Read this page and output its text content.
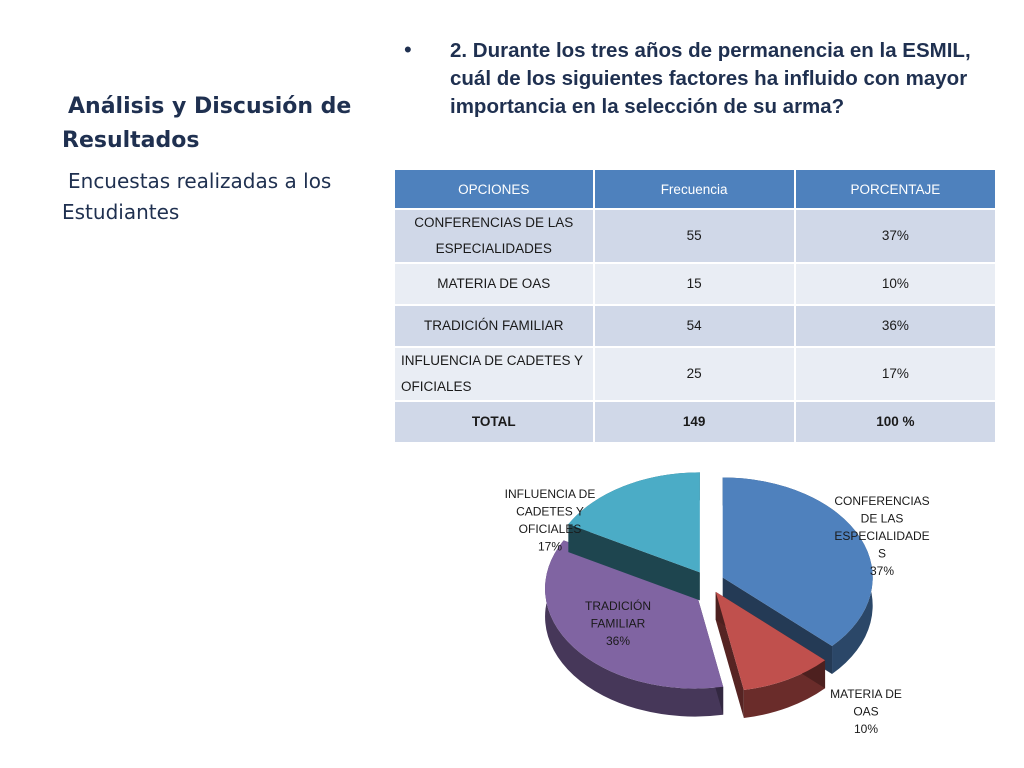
Análisis y Discusión de Resultados
Encuestas realizadas a los Estudiantes
• 2. Durante los tres años de permanencia en la ESMIL, cuál de los siguientes factores ha influido con mayor importancia en la selección de su arma?
OPCIONES	Frecuencia	PORCENTAJE
CONFERENCIAS DE LAS ESPECIALIDADES	55	37%
MATERIA DE OAS	15	10%
TRADICIÓN FAMILIAR	54	36%
INFLUENCIA DE CADETES Y OFICIALES	25	17%
TOTAL	149	100 %
CONFERENCIAS DE LAS ESPECIALIDADE S 37%
MATERIA DE OAS 10%
TRADICIÓN FAMILIAR 36%
INFLUENCIA DE CADETES Y OFICIALES 17%
